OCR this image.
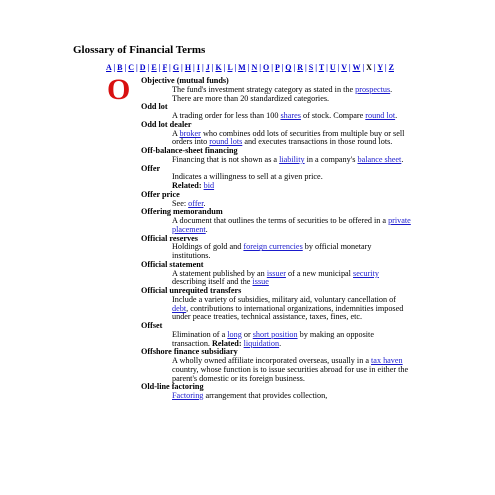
Glossary of Financial Terms
A | B | C | D | E | F | G | H | I | J | K | L | M | N | O | P | Q | R | S | T | U | V | W | X | Y | Z
O	Objective (mutual funds)
The fund's investment strategy category as stated in the prospectus. There are more than 20 standardized categories.
Odd lot
A trading order for less than 100 shares of stock. Compare round lot.
Odd lot dealer
A broker who combines odd lots of securities from multiple buy or sell orders into round lots and executes transactions in those round lots.
Off-balance-sheet financing
Financing that is not shown as a liability in a company's balance sheet.
Offer
Indicates a willingness to sell at a given price.
Related: bid
Offer price
See: offer.
Offering memorandum
A document that outlines the terms of securities to be offered in a private placement.
Official reserves
Holdings of gold and foreign currencies by official monetary institutions.
Official statement
A statement published by an issuer of a new municipal security describing itself and the issue
Official unrequited transfers
Include a variety of subsidies, military aid, voluntary cancellation of debt, contributions to international organizations, indemnities imposed under peace treaties, technical assistance, taxes, fines, etc.
Offset
Elimination of a long or short position by making an opposite transaction. Related: liquidation.
Offshore finance subsidiary
A wholly owned affiliate incorporated overseas, usually in a tax haven country, whose function is to issue securities abroad for use in either the parent's domestic or its foreign business.
Old-line factoring
Factoring arrangement that provides collection,
